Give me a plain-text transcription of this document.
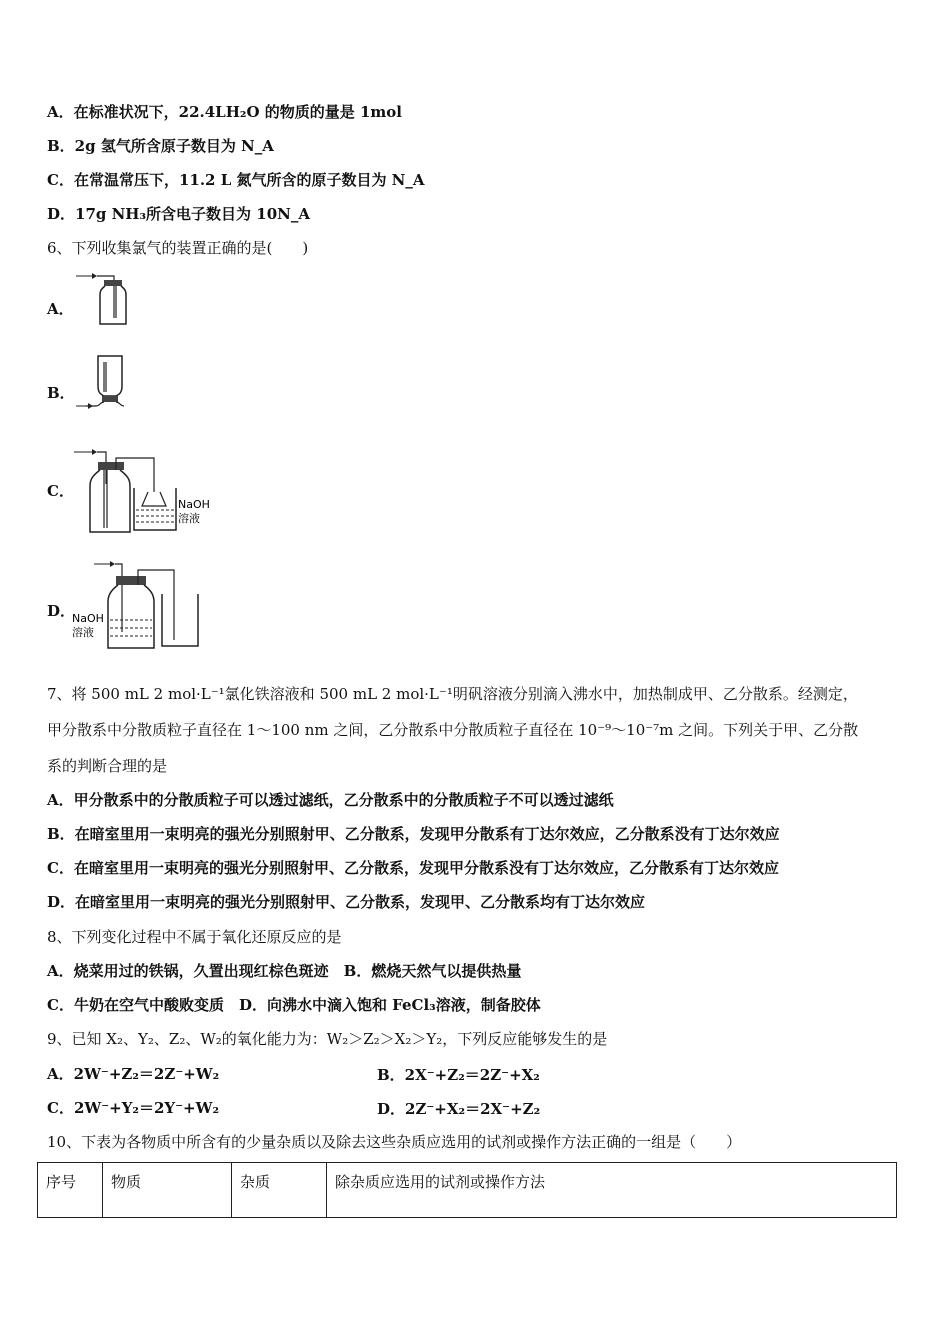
A．在标准状况下，22.4LH₂O 的物质的量是 1mol
B．2g 氢气所含原子数目为 N_A
C．在常温常压下，11.2 L 氮气所含的原子数目为 N_A
D．17g NH₃所含电子数目为 10N_A
6、下列收集氯气的装置正确的是(　　)
A．
B．
C．
NaOH
溶液
D．
NaOH
溶液
7、将 500 mL 2 mol·L⁻¹氯化铁溶液和 500 mL 2 mol·L⁻¹明矾溶液分别滴入沸水中，加热制成甲、乙分散系。经测定，
甲分散系中分散质粒子直径在 1～100 nm 之间，乙分散系中分散质粒子直径在 10⁻⁹～10⁻⁷m 之间。下列关于甲、乙分散
系的判断合理的是
A．甲分散系中的分散质粒子可以透过滤纸，乙分散系中的分散质粒子不可以透过滤纸
B．在暗室里用一束明亮的强光分别照射甲、乙分散系，发现甲分散系有丁达尔效应，乙分散系没有丁达尔效应
C．在暗室里用一束明亮的强光分别照射甲、乙分散系，发现甲分散系没有丁达尔效应，乙分散系有丁达尔效应
D．在暗室里用一束明亮的强光分别照射甲、乙分散系，发现甲、乙分散系均有丁达尔效应
8、下列变化过程中不属于氧化还原反应的是
A．烧菜用过的铁锅，久置出现红棕色斑迹　B．燃烧天然气以提供热量
C．牛奶在空气中酸败变质　D．向沸水中滴入饱和 FeCl₃溶液，制备胶体
9、已知 X₂、Y₂、Z₂、W₂的氧化能力为：W₂＞Z₂＞X₂＞Y₂，下列反应能够发生的是
A．2W⁻+Z₂＝2Z⁻+W₂	B．2X⁻+Z₂＝2Z⁻+X₂
C．2W⁻+Y₂＝2Y⁻+W₂	D．2Z⁻+X₂＝2X⁻+Z₂
10、下表为各物质中所含有的少量杂质以及除去这些杂质应选用的试剂或操作方法正确的一组是（　　）
序号	物质	杂质	除杂质应选用的试剂或操作方法
